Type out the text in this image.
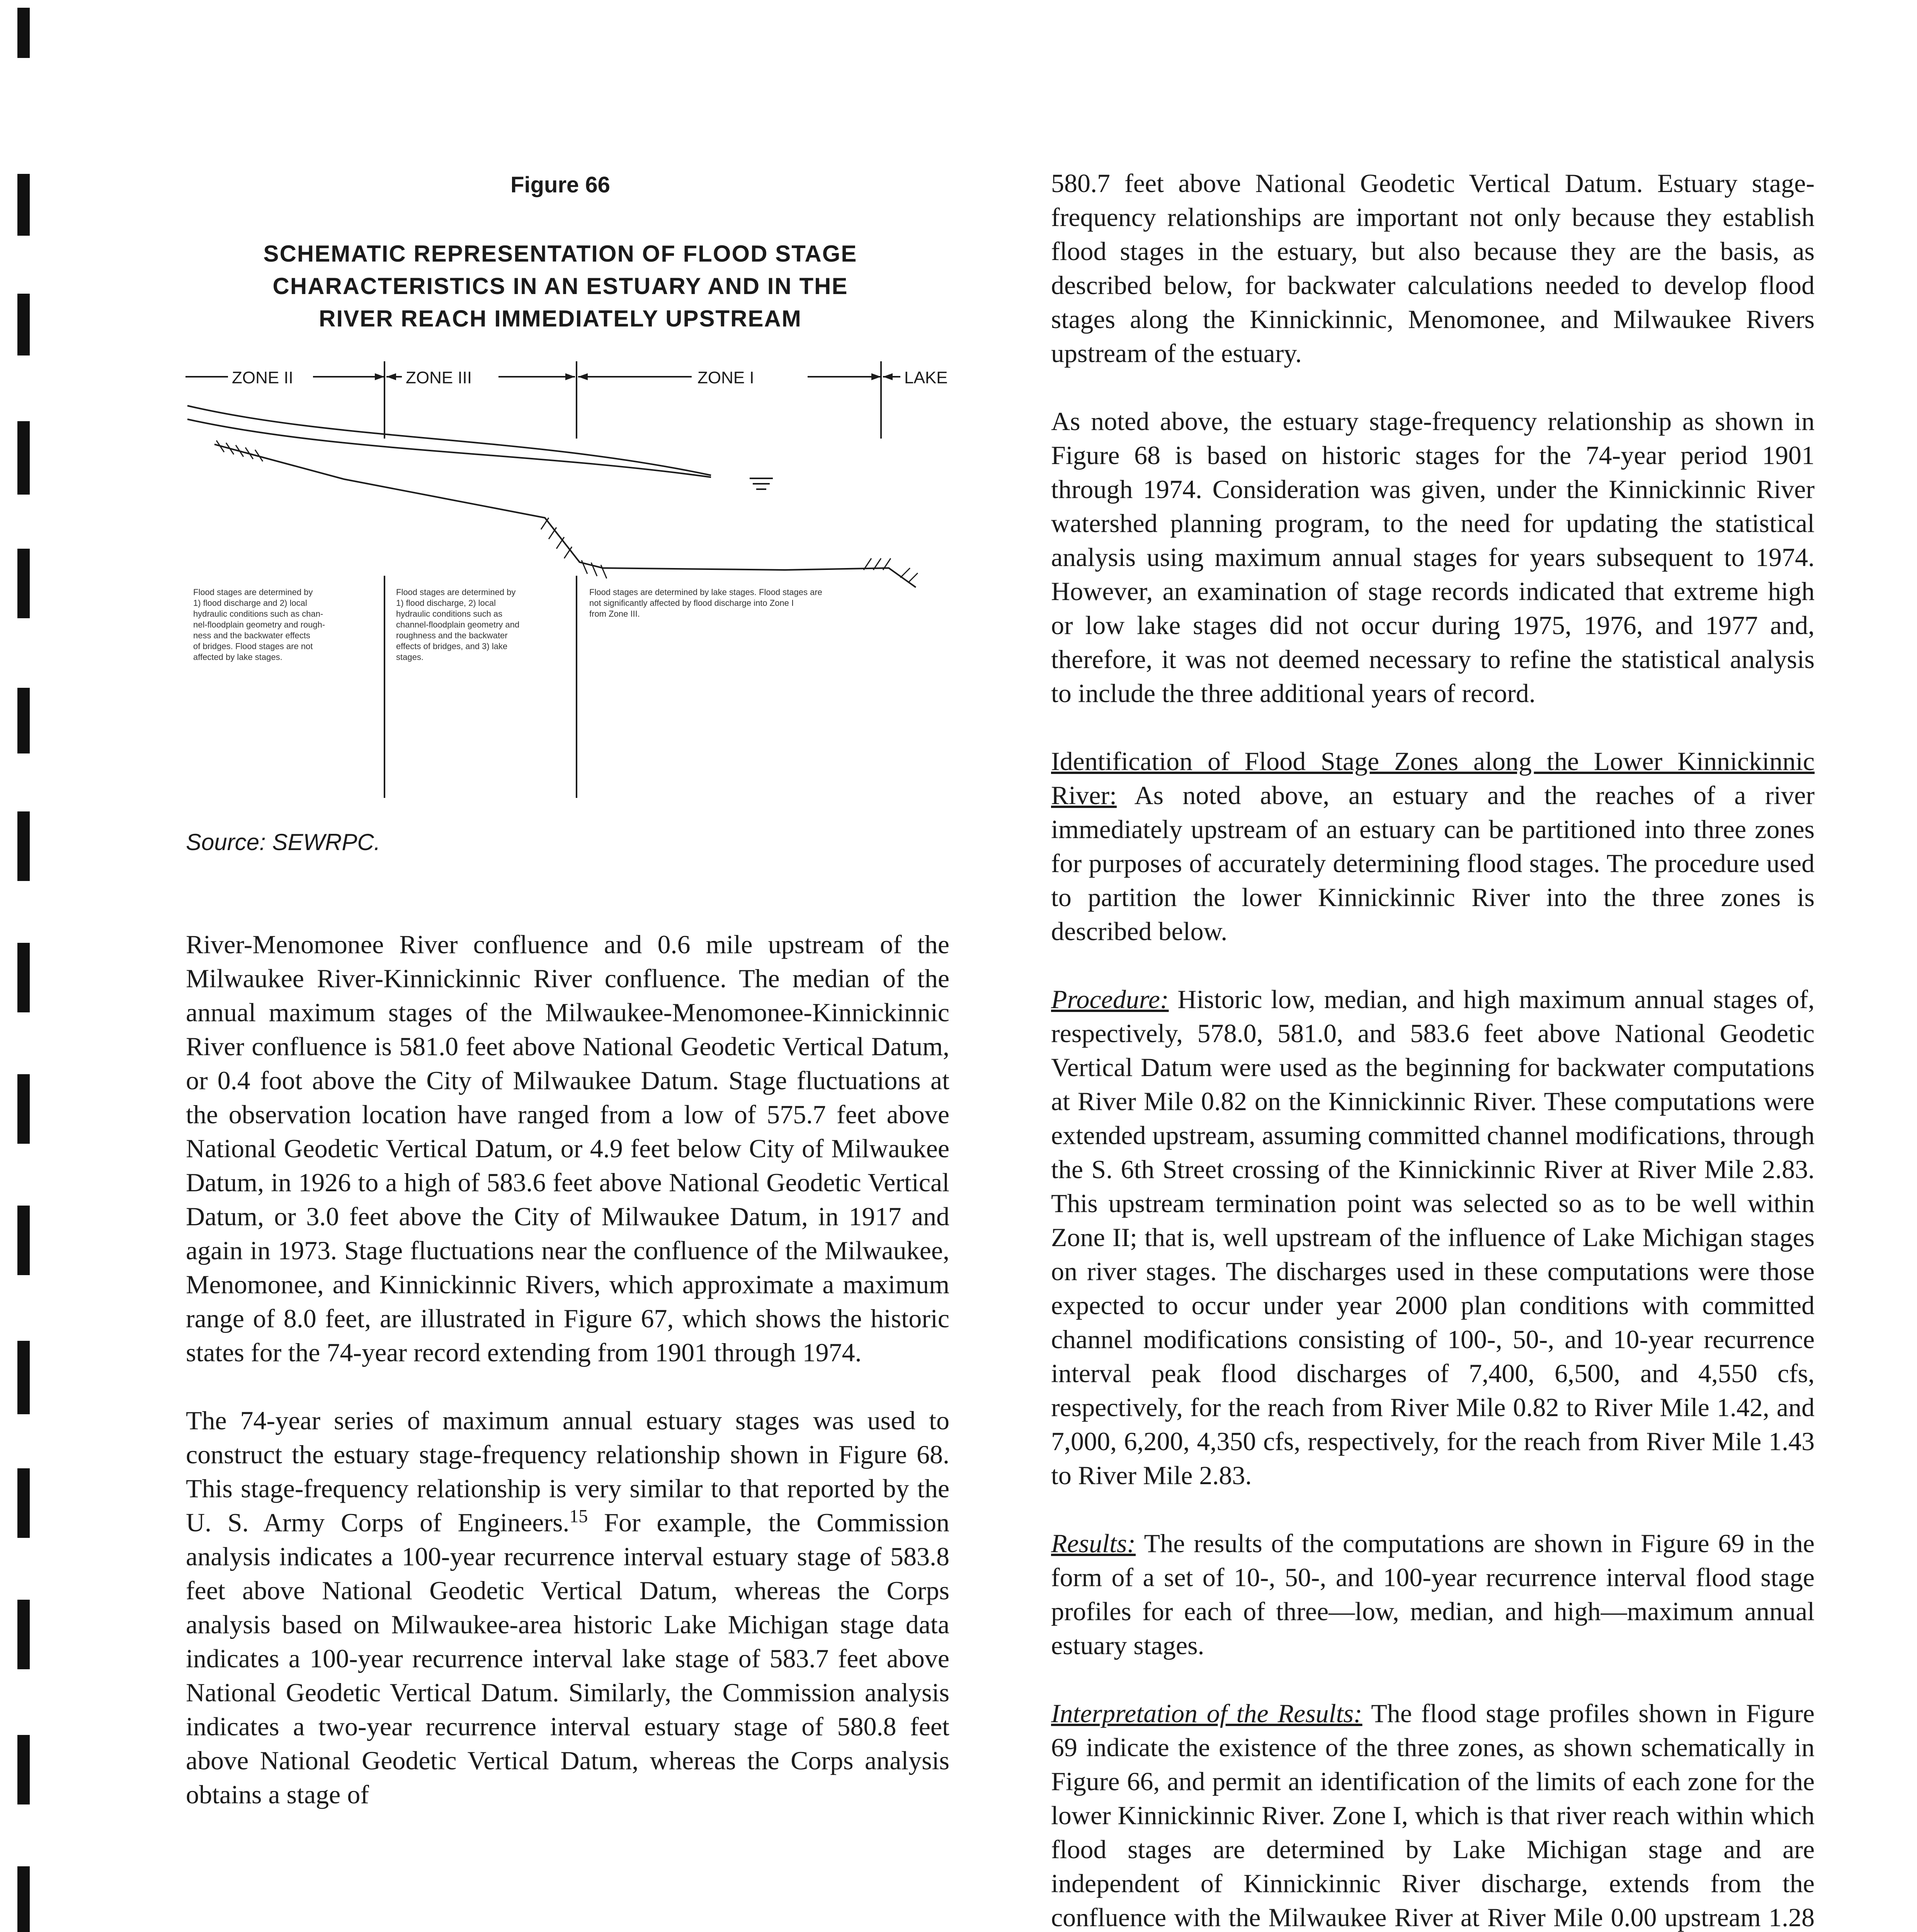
Figure 66
SCHEMATIC REPRESENTATION OF FLOOD STAGE
CHARACTERISTICS IN AN ESTUARY AND IN THE
RIVER REACH IMMEDIATELY UPSTREAM
ZONE II	ZONE III	ZONE I	LAKE
Flood stages are determined by
1) flood discharge and 2) local
hydraulic conditions such as chan-
nel-floodplain geometry and rough-
ness and the backwater effects
of bridges. Flood stages are not
affected by lake stages.
Flood stages are determined by
1) flood discharge, 2) local
hydraulic conditions such as
channel-floodplain geometry and
roughness and the backwater
effects of bridges, and 3) lake
stages.
Flood stages are determined by lake stages. Flood stages are
not significantly affected by flood discharge into Zone I
from Zone III.
Source: SEWRPC.

River-Menomonee River confluence and 0.6 mile upstream of the Milwaukee River-Kinnickinnic River confluence. The median of the annual maximum stages of the Milwaukee-Menomonee-Kinnickinnic River confluence is 581.0 feet above National Geodetic Vertical Datum, or 0.4 foot above the City of Milwaukee Datum. Stage fluctuations at the observation location have ranged from a low of 575.7 feet above National Geodetic Vertical Datum, or 4.9 feet below City of Milwaukee Datum, in 1926 to a high of 583.6 feet above National Geodetic Vertical Datum, or 3.0 feet above the City of Milwaukee Datum, in 1917 and again in 1973. Stage fluctuations near the confluence of the Milwaukee, Menomonee, and Kinnickinnic Rivers, which approximate a maximum range of 8.0 feet, are illustrated in Figure 67, which shows the historic states for the 74-year record extending from 1901 through 1974.

The 74-year series of maximum annual estuary stages was used to construct the estuary stage-frequency relationship shown in Figure 68. This stage-frequency relationship is very similar to that reported by the U. S. Army Corps of Engineers.$^{15}$ For example, the Commission analysis indicates a 100-year recurrence interval estuary stage of 583.8 feet above National Geodetic Vertical Datum, whereas the Corps analysis based on Milwaukee-area historic Lake Michigan stage data indicates a 100-year recurrence interval lake stage of 583.7 feet above National Geodetic Vertical Datum. Similarly, the Commission analysis indicates a two-year recurrence interval estuary stage of 580.8 feet above National Geodetic Vertical Datum, whereas the Corps analysis obtains a stage of

580.7 feet above National Geodetic Vertical Datum. Estuary stage-frequency relationships are important not only because they establish flood stages in the estuary, but also because they are the basis, as described below, for backwater calculations needed to develop flood stages along the Kinnickinnic, Menomonee, and Milwaukee Rivers upstream of the estuary.

As noted above, the estuary stage-frequency relationship as shown in Figure 68 is based on historic stages for the 74-year period 1901 through 1974. Consideration was given, under the Kinnickinnic River watershed planning program, to the need for updating the statistical analysis using maximum annual stages for years subsequent to 1974. However, an examination of stage records indicated that extreme high or low lake stages did not occur during 1975, 1976, and 1977 and, therefore, it was not deemed necessary to refine the statistical analysis to include the three additional years of record.

Identification of Flood Stage Zones along the Lower Kinnickinnic River: As noted above, an estuary and the reaches of a river immediately upstream of an estuary can be partitioned into three zones for purposes of accurately determining flood stages. The procedure used to partition the lower Kinnickinnic River into the three zones is described below.

Procedure: Historic low, median, and high maximum annual stages of, respectively, 578.0, 581.0, and 583.6 feet above National Geodetic Vertical Datum were used as the beginning for backwater computations at River Mile 0.82 on the Kinnickinnic River. These computations were extended upstream, assuming committed channel modifications, through the S. 6th Street crossing of the Kinnickinnic River at River Mile 2.83. This upstream termination point was selected so as to be well within Zone II; that is, well upstream of the influence of Lake Michigan stages on river stages. The discharges used in these computations were those expected to occur under year 2000 plan conditions with committed channel modifications consisting of 100-, 50-, and 10-year recurrence interval peak flood discharges of 7,400, 6,500, and 4,550 cfs, respectively, for the reach from River Mile 0.82 to River Mile 1.42, and 7,000, 6,200, 4,350 cfs, respectively, for the reach from River Mile 1.43 to River Mile 2.83.

Results: The results of the computations are shown in Figure 69 in the form of a set of 10-, 50-, and 100-year recurrence interval flood stage profiles for each of three—low, median, and high—maximum annual estuary stages.

Interpretation of the Results: The flood stage profiles shown in Figure 69 indicate the existence of the three zones, as shown schematically in Figure 66, and permit an identification of the limits of each zone for the lower Kinnickinnic River. Zone I, which is that river reach within which flood stages are determined by Lake Michigan stage and are independent of Kinnickinnic River discharge, extends from the confluence with the Milwaukee River at River Mile 0.00 upstream 1.28
